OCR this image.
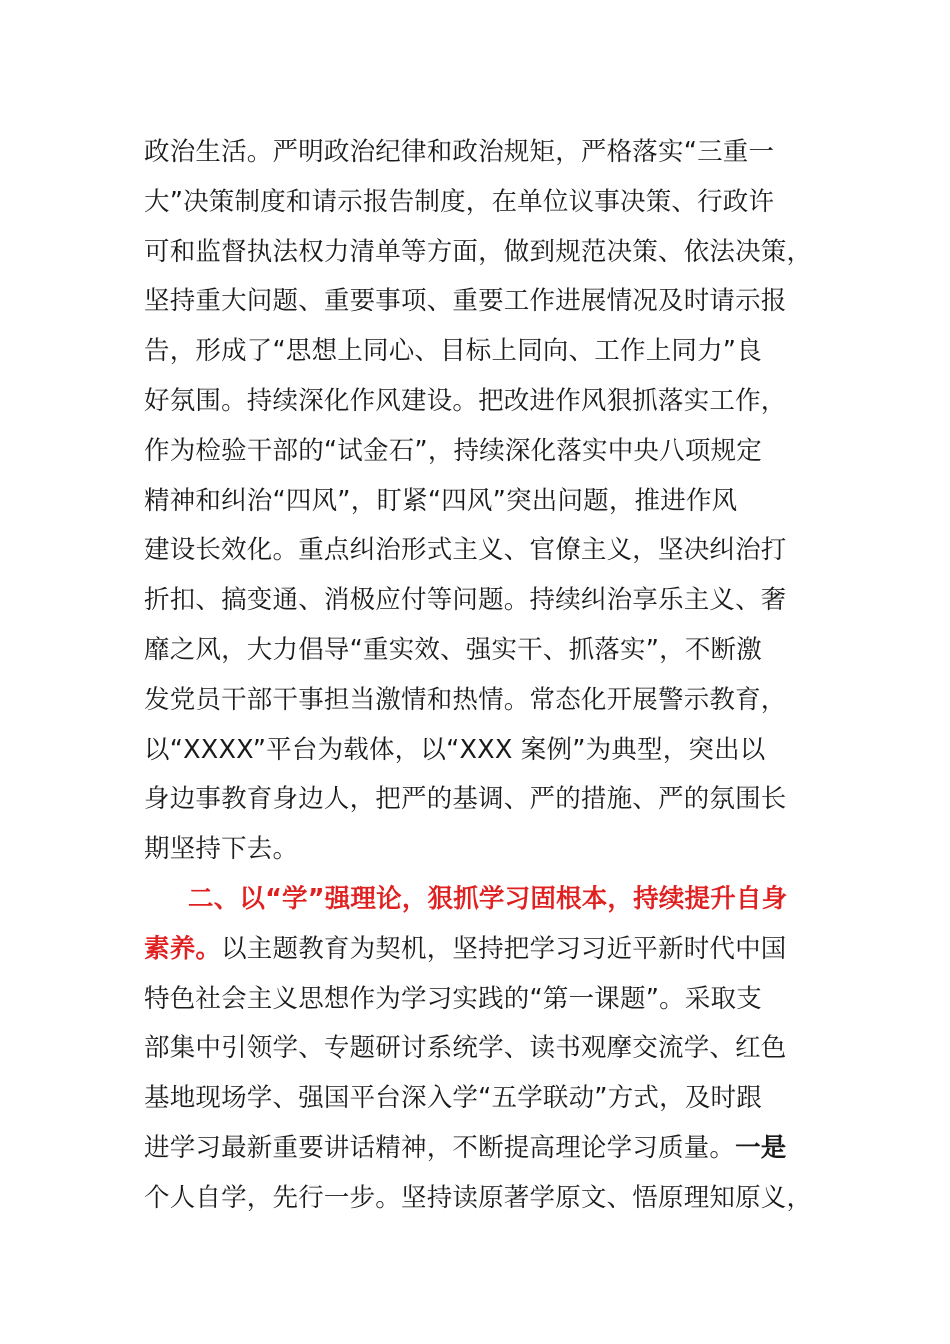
政治生活。严明政治纪律和政治规矩，严格落实“三重一
大”决策制度和请示报告制度，在单位议事决策、行政许
可和监督执法权力清单等方面，做到规范决策、依法决策，
坚持重大问题、重要事项、重要工作进展情况及时请示报
告，形成了“思想上同心、目标上同向、工作上同力”良
好氛围。持续深化作风建设。把改进作风狠抓落实工作，
作为检验干部的“试金石”，持续深化落实中央八项规定
精神和纠治“四风”，盯紧“四风”突出问题，推进作风
建设长效化。重点纠治形式主义、官僚主义，坚决纠治打
折扣、搞变通、消极应付等问题。持续纠治享乐主义、奢
靡之风，大力倡导“重实效、强实干、抓落实”，不断激
发党员干部干事担当激情和热情。常态化开展警示教育，
以“XXXX”平台为载体，以“XXX 案例”为典型，突出以
身边事教育身边人，把严的基调、严的措施、严的氛围长
期坚持下去。
二、以“学”强理论，狠抓学习固根本，持续提升自身
素养。以主题教育为契机，坚持把学习习近平新时代中国
特色社会主义思想作为学习实践的“第一课题”。采取支
部集中引领学、专题研讨系统学、读书观摩交流学、红色
基地现场学、强国平台深入学“五学联动”方式，及时跟
进学习最新重要讲话精神，不断提高理论学习质量。一是
个人自学，先行一步。坚持读原著学原文、悟原理知原义，
